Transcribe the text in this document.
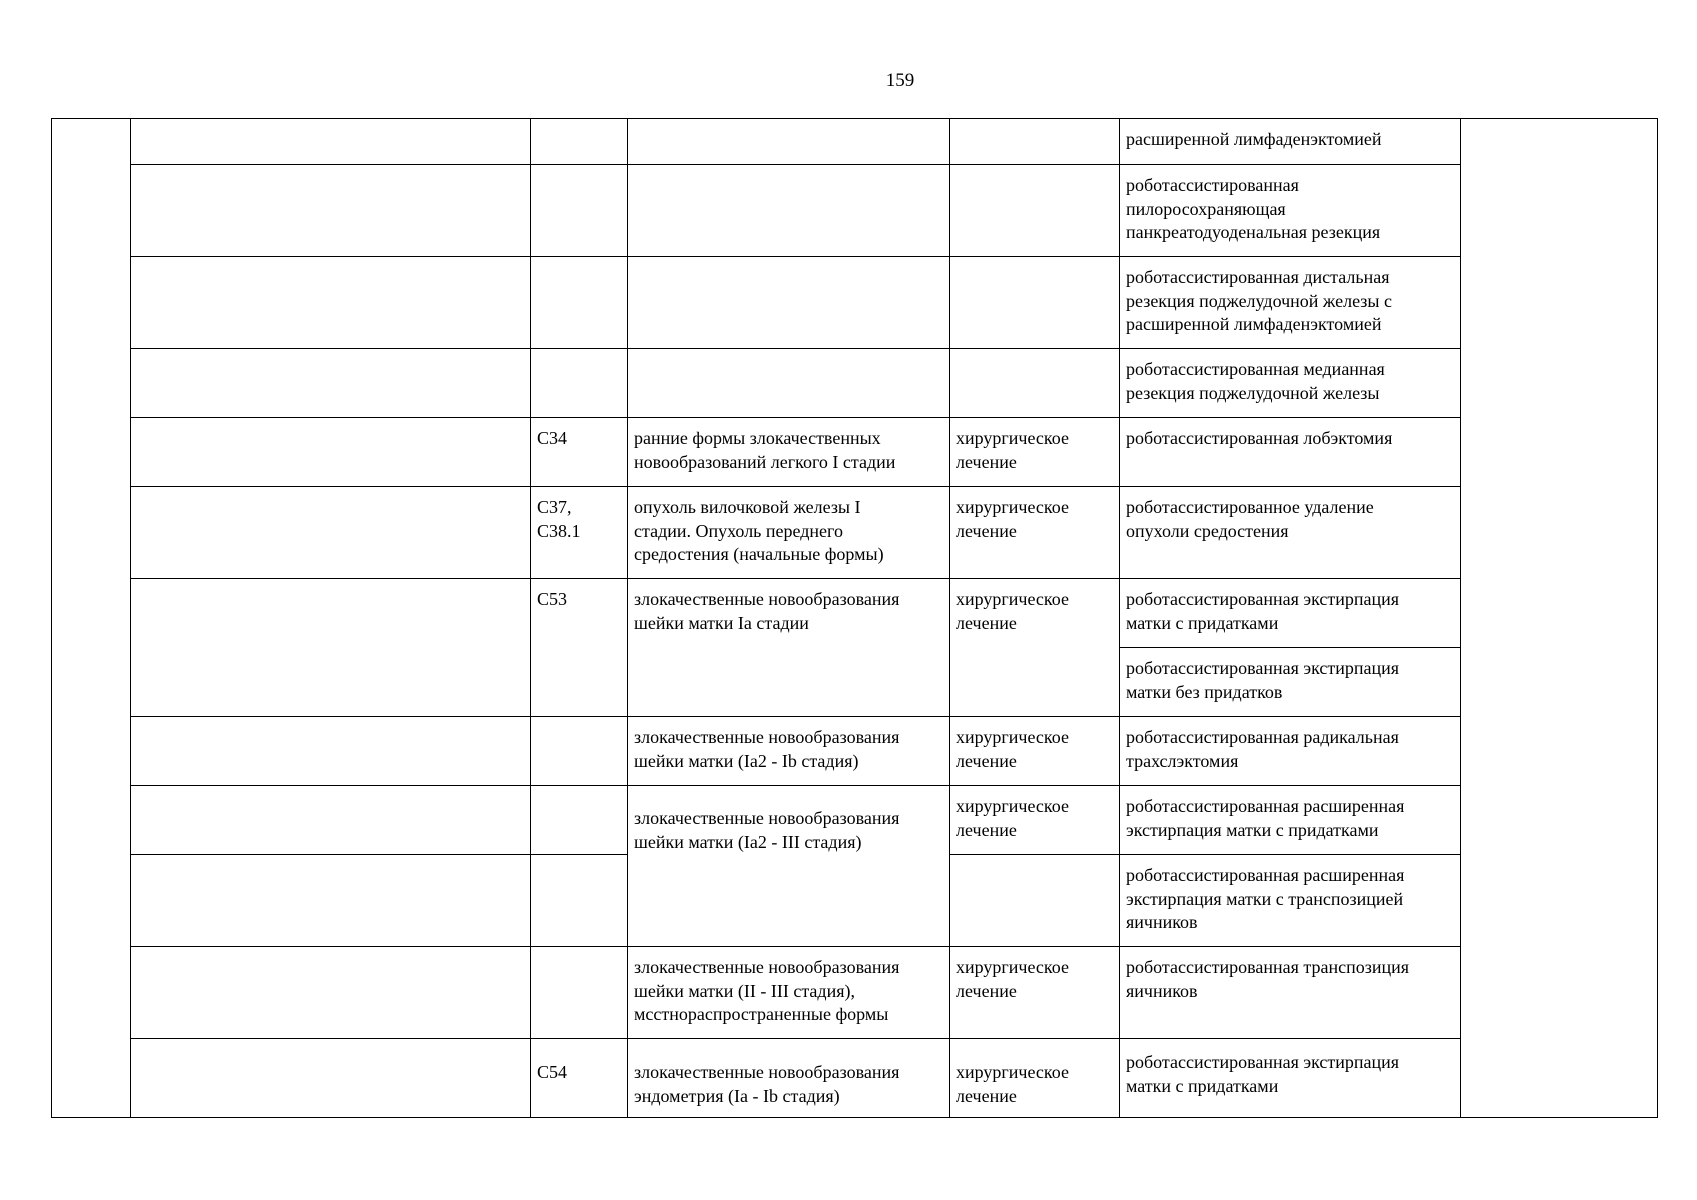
159

					расширенной лимфаденэктомией	

					роботассистированная
пилоросохраняющая
панкреатодуоденальная резекция	

					роботассистированная дистальная
резекция поджелудочной железы с
расширенной лимфаденэктомией	

					роботассистированная медианная
резекция поджелудочной железы	

		C34	ранние формы злокачественных
новообразований легкого I стадии	хирургическое
лечение	роботассистированная лобэктомия	

		C37,
C38.1	опухоль вилочковой железы I
стадии. Опухоль переднего
средостения (начальные формы)	хирургическое
лечение	роботассистированное удаление
опухоли средостения	

		C53	злокачественные новообразования
шейки матки Ia стадии	хирургическое
лечение	роботассистированная экстирпация
матки с придатками	

					роботассистированная экстирпация
матки без придатков	

			злокачественные новообразования
шейки матки (Ia2 - Ib стадия)	хирургическое
лечение	роботассистированная радикальная
трахслэктомия	

			злокачественные новообразования
шейки матки (Ia2 - III стадия)	хирургическое
лечение	роботассистированная расширенная
экстирпация матки с придатками	

					роботассистированная расширенная
экстирпация матки с транспозицией
яичников	

			злокачественные новообразования
шейки матки (II - III стадия),
мсстнораспространенные формы	хирургическое
лечение	роботассистированная транспозиция
яичников	

		C54	злокачественные новообразования
эндометрия (Ia - Ib стадия)	хирургическое
лечение	роботассистированная экстирпация
матки с придатками	
